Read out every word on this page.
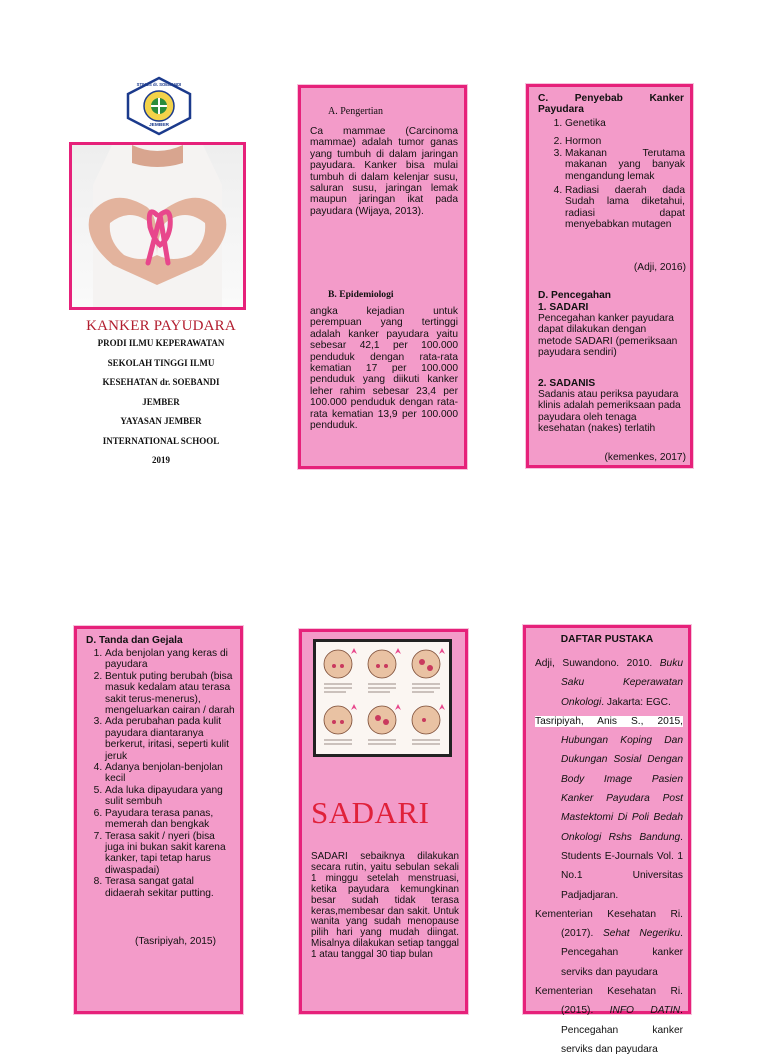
STIKES dr. SOEBANDI
JEMBER
KANKER PAYUDARA
PRODI ILMU KEPERAWATAN
SEKOLAH TINGGI ILMU
KESEHATAN dr. SOEBANDI
JEMBER
YAYASAN JEMBER
INTERNATIONAL SCHOOL
2019
A. Pengertian
Ca mammae (Carcinoma mammae) adalah tumor ganas yang tumbuh di dalam jaringan payudara. Kanker bisa mulai tumbuh di dalam kelenjar susu, saluran susu, jaringan lemak maupun jaringan ikat pada payudara (Wijaya, 2013).
B. Epidemiologi
angka kejadian untuk perempuan yang tertinggi adalah kanker payudara yaitu sebesar 42,1 per 100.000 penduduk dengan rata-rata kematian 17 per 100.000 penduduk yang diikuti kanker leher rahim sebesar 23,4 per 100.000 penduduk dengan rata-rata kematian 13,9 per 100.000 penduduk.
C. Penyebab Kanker Payudara
1. Genetika
2. Hormon
3. Makanan Terutama makanan yang banyak mengandung lemak
4. Radiasi daerah dada Sudah lama diketahui, radiasi dapat menyebabkan mutagen
(Adji, 2016)
D. Pencegahan
1. SADARI
Pencegahan kanker payudara dapat dilakukan dengan metode SADARI (pemeriksaan payudara sendiri)
2. SADANIS
Sadanis atau periksa payudara klinis adalah pemeriksaan pada payudara oleh tenaga kesehatan (nakes) terlatih
(kemenkes, 2017)
D. Tanda dan Gejala
1. Ada benjolan yang keras di payudara
2. Bentuk puting berubah (bisa masuk kedalam atau terasa sakit terus-menerus), mengeluarkan cairan / darah
3. Ada perubahan pada kulit payudara diantaranya berkerut, iritasi, seperti kulit jeruk
4. Adanya benjolan-benjolan kecil
5. Ada luka dipayudara yang sulit sembuh
6. Payudara terasa panas, memerah dan bengkak
7. Terasa sakit / nyeri (bisa juga ini bukan sakit karena kanker, tapi tetap harus diwaspadai)
8. Terasa sangat gatal didaerah sekitar putting.
(Tasripiyah, 2015)
SADARI
SADARI sebaiknya dilakukan secara rutin, yaitu sebulan sekali 1 minggu setelah menstruasi, ketika payudara kemungkinan besar sudah tidak terasa keras,membesar dan sakit. Untuk wanita yang sudah menopause pilih hari yang mudah diingat. Misalnya dilakukan setiap tanggal 1 atau tanggal 30 tiap bulan
DAFTAR PUSTAKA

Adji, Suwandono. 2010. Buku Saku Keperawatan Onkologi. Jakarta: EGC.

Tasripiyah, Anis S., 2015, Hubungan Koping Dan Dukungan Sosial Dengan Body Image Pasien Kanker Payudara Post Mastektomi Di Poli Bedah Onkologi Rshs Bandung. Students E-Journals Vol. 1 No.1 Universitas Padjadjaran.

Kementerian Kesehatan Ri. (2017). Sehat Negeriku. Pencegahan kanker serviks dan payudara

Kementerian Kesehatan Ri. (2015). INFO DATIN. Pencegahan kanker serviks dan payudara
